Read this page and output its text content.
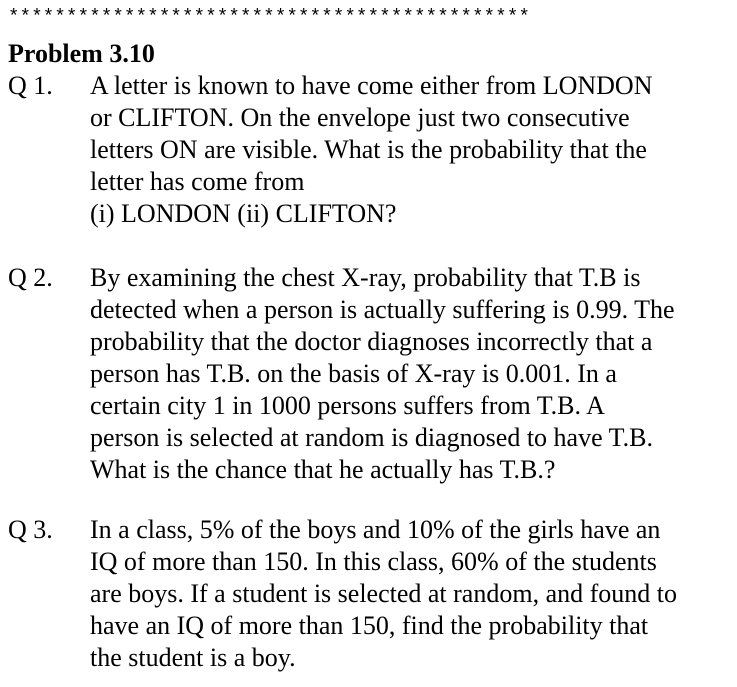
*********************************************
Problem 3.10
Q 1.	A letter is known to have come either from LONDON
or CLIFTON. On the envelope just two consecutive
letters ON are visible. What is the probability that the
letter has come from
(i) LONDON (ii) CLIFTON?
Q 2.	By examining the chest X-ray, probability that T.B is
detected when a person is actually suffering is 0.99. The
probability that the doctor diagnoses incorrectly that a
person has T.B. on the basis of X-ray is 0.001. In a
certain city 1 in 1000 persons suffers from T.B. A
person is selected at random is diagnosed to have T.B.
What is the chance that he actually has T.B.?
Q 3.	In a class, 5% of the boys and 10% of the girls have an
IQ of more than 150. In this class, 60% of the students
are boys. If a student is selected at random, and found to
have an IQ of more than 150, find the probability that
the student is a boy.
